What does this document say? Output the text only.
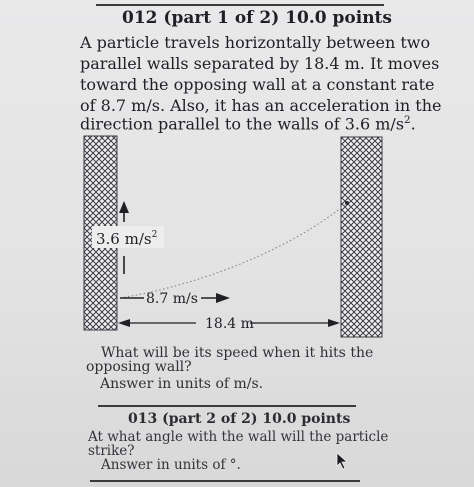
012 (part 1 of 2) 10.0 points
A particle travels horizontally between two
parallel walls separated by 18.4 m. It moves
toward the opposing wall at a constant rate
of 8.7 m/s. Also, it has an acceleration in the
direction parallel to the walls of 3.6 $m/s^2$.
3.6 $m/s^2$
8.7 m/s
18.4 m
What will be its speed when it hits the
opposing wall?
Answer in units of m/s.
013 (part 2 of 2) 10.0 points
At what angle with the wall will the particle
strike?
Answer in units of °.
